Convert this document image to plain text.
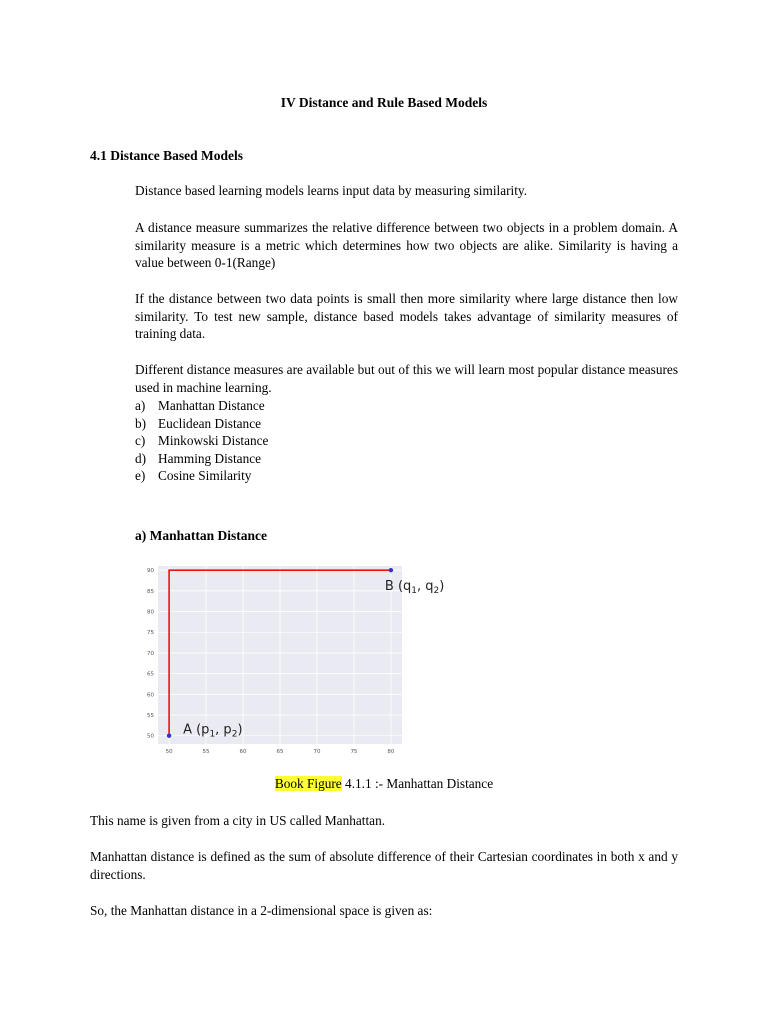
IV Distance and Rule Based Models
4.1 Distance Based Models

Distance based learning models learns input data by measuring similarity.

A distance measure summarizes the relative difference between two objects in a problem domain. A similarity measure is a metric which determines how two objects are alike. Similarity is having a value between 0-1(Range)

If the distance between two data points is small then more similarity where large distance then low similarity. To test new sample, distance based models takes advantage of similarity measures of training data.

Different distance measures are available but out of this we will learn most popular distance measures used in machine learning.

a) Manhattan Distance
b) Euclidean Distance
c) Minkowski Distance
d) Hamming Distance
e) Cosine Similarity
a) Manhattan Distance
50	55	60	65	70	75	80
50
55
60
65
70
75
80
85
90
A ($p_1$, $p_2$)
B ($q_1$, $q_2$)
Book Figure 4.1.1 :- Manhattan Distance
This name is given from a city in US called Manhattan.
Manhattan distance is defined as the sum of absolute difference of their Cartesian coordinates in both x and y directions.
So, the Manhattan distance in a 2-dimensional space is given as:
